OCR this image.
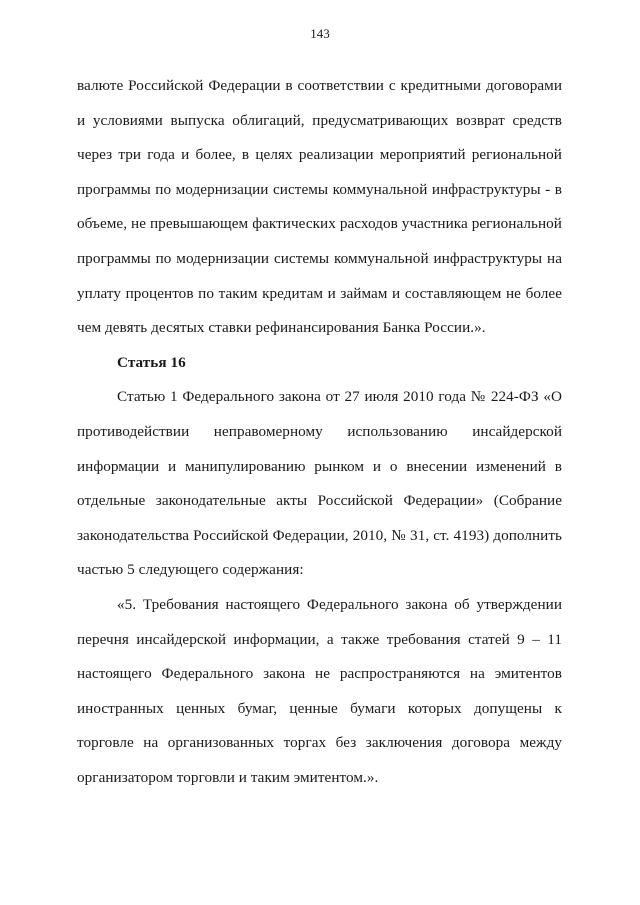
143

валюте Российской Федерации в соответствии с кредитными договорами и условиями выпуска облигаций, предусматривающих возврат средств через три года и более, в целях реализации мероприятий региональной программы по модернизации системы коммунальной инфраструктуры - в объеме, не превышающем фактических расходов участника региональной программы по модернизации системы коммунальной инфраструктуры на уплату процентов по таким кредитам и займам и составляющем не более чем девять десятых ставки рефинансирования Банка России.».

Статья 16

Статью 1 Федерального закона от 27 июля 2010 года № 224-ФЗ «О противодействии неправомерному использованию инсайдерской информации и манипулированию рынком и о внесении изменений в отдельные законодательные акты Российской Федерации» (Собрание законодательства Российской Федерации, 2010, № 31, ст. 4193) дополнить частью 5 следующего содержания:

«5. Требования настоящего Федерального закона об утверждении перечня инсайдерской информации, а также требования статей 9 – 11 настоящего Федерального закона не распространяются на эмитентов иностранных ценных бумаг, ценные бумаги которых допущены к торговле на организованных торгах без заключения договора между организатором торговли и таким эмитентом.».
